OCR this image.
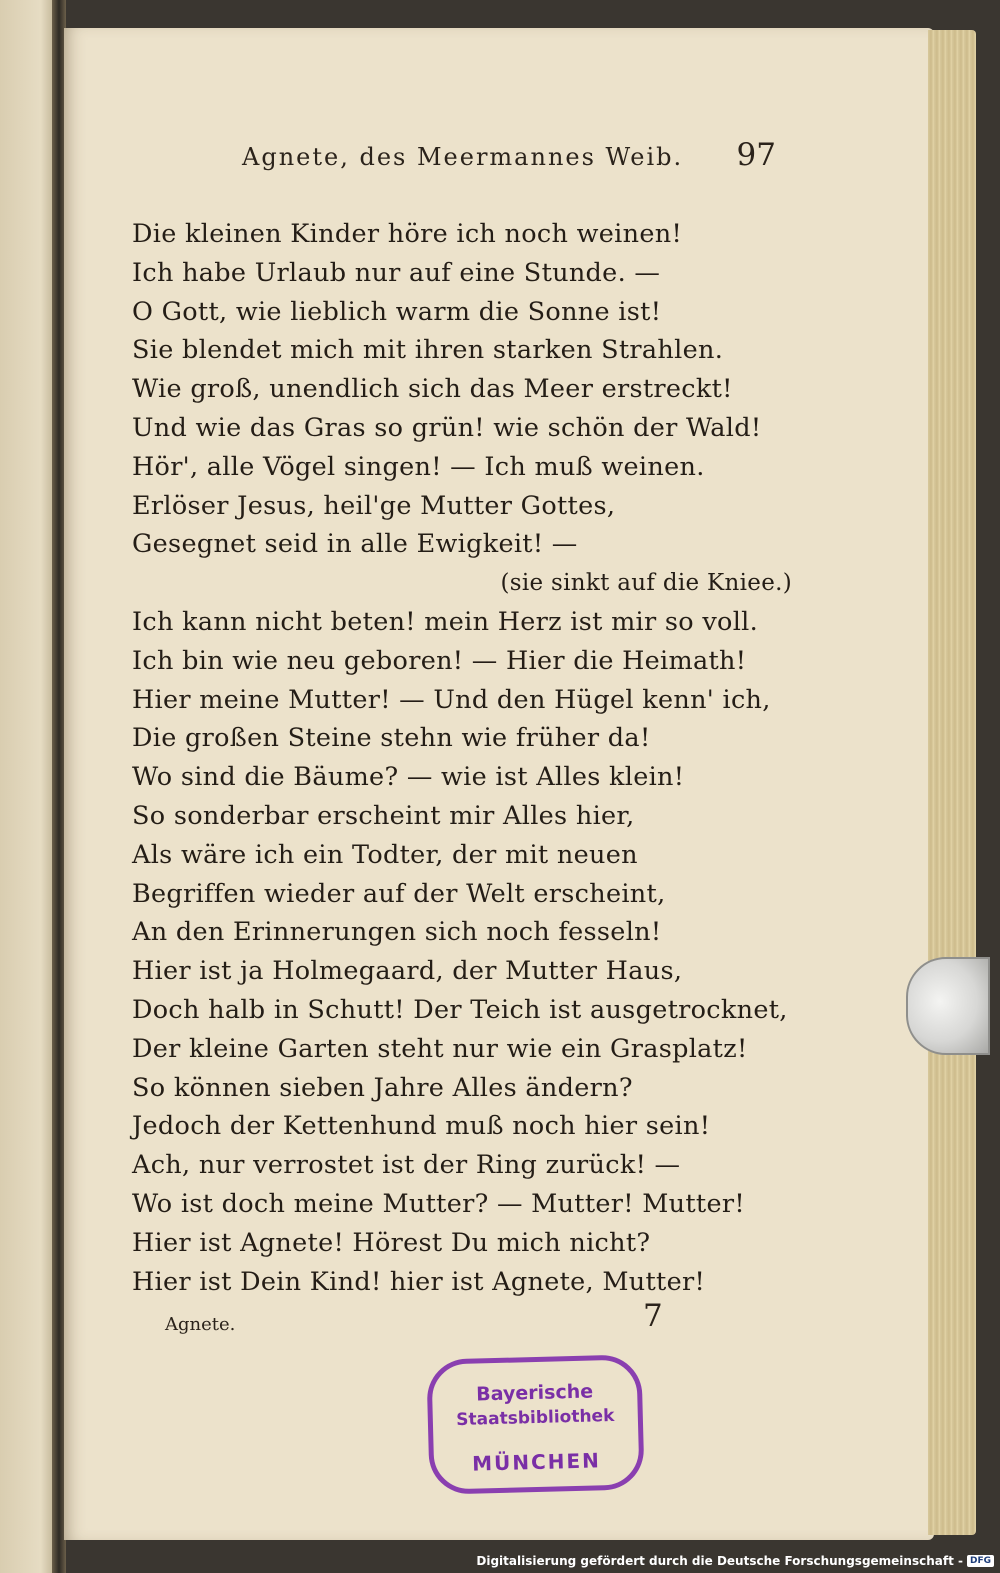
Agnete, des Meermannes Weib. 97
Die kleinen Kinder höre ich noch weinen!
Ich habe Urlaub nur auf eine Stunde. —
O Gott, wie lieblich warm die Sonne ist!
Sie blendet mich mit ihren starken Strahlen.
Wie groß, unendlich sich das Meer erstreckt!
Und wie das Gras so grün! wie schön der Wald!
Hör', alle Vögel singen! — Ich muß weinen.
Erlöser Jesus, heil'ge Mutter Gottes,
Gesegnet seid in alle Ewigkeit! —
(sie sinkt auf die Kniee.)
Ich kann nicht beten! mein Herz ist mir so voll.
Ich bin wie neu geboren! — Hier die Heimath!
Hier meine Mutter! — Und den Hügel kenn' ich,
Die großen Steine stehn wie früher da!
Wo sind die Bäume? — wie ist Alles klein!
So sonderbar erscheint mir Alles hier,
Als wäre ich ein Todter, der mit neuen
Begriffen wieder auf der Welt erscheint,
An den Erinnerungen sich noch fesseln!
Hier ist ja Holmegaard, der Mutter Haus,
Doch halb in Schutt! Der Teich ist ausgetrocknet,
Der kleine Garten steht nur wie ein Grasplatz!
So können sieben Jahre Alles ändern?
Jedoch der Kettenhund muß noch hier sein!
Ach, nur verrostet ist der Ring zurück! —
Wo ist doch meine Mutter? — Mutter! Mutter!
Hier ist Agnete! Hörest Du mich nicht?
Hier ist Dein Kind! hier ist Agnete, Mutter!
Agnete.	7
Bayerische
Staatsbibliothek
MÜNCHEN
Digitalisierung gefördert durch die Deutsche Forschungsgemeinschaft - DFG
